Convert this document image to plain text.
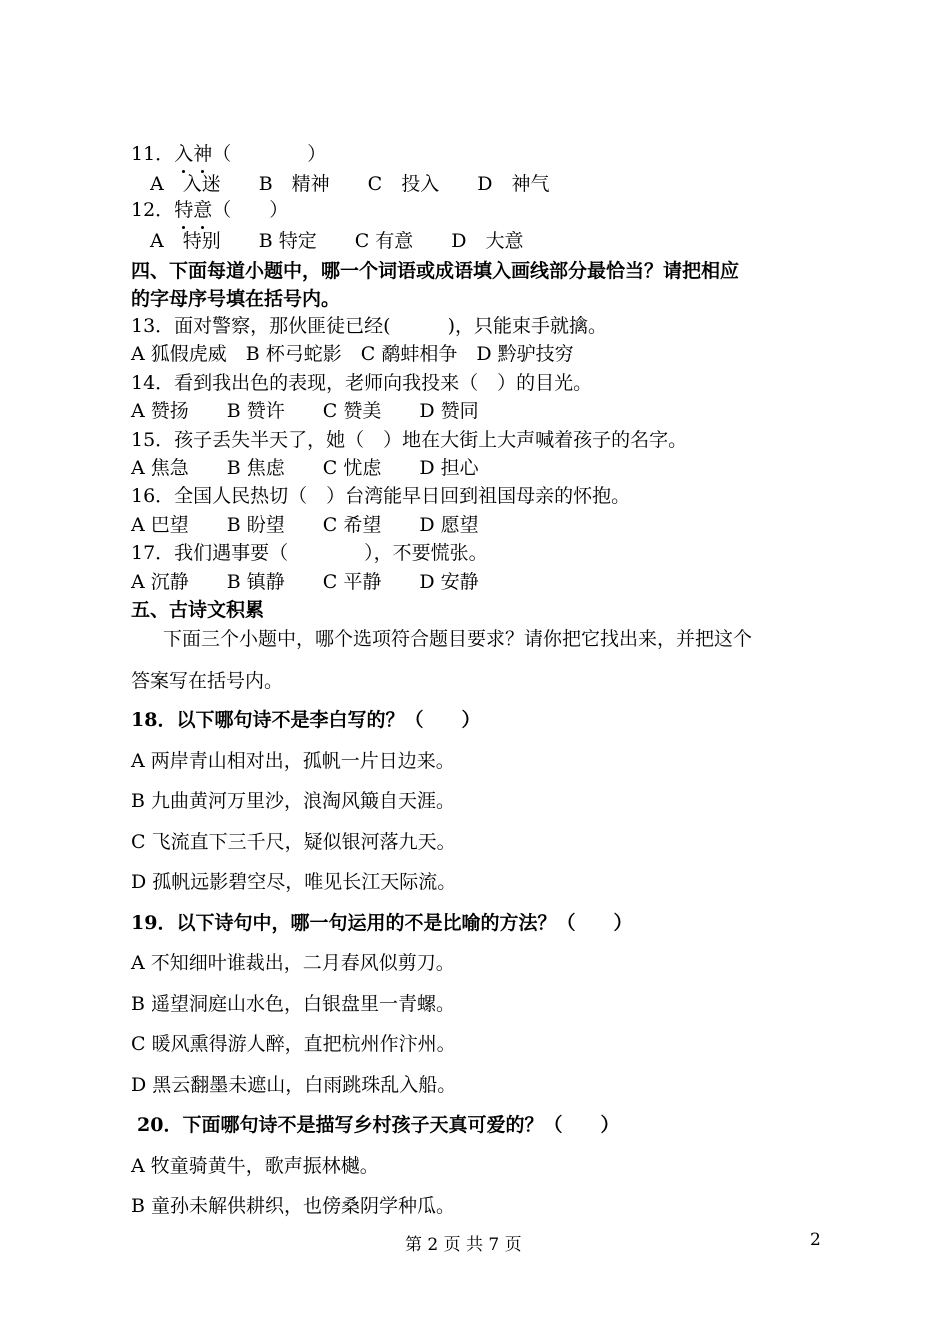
11．入神（　　　　）
A　入迷　　B　精神　　C　投入　　D　神气
12．特意（　　）
A　特别　　B 特定　　C 有意　　D　大意
四、下面每道小题中，哪一个词语或成语填入画线部分最恰当？请把相应
的字母序号填在括号内。
13．面对警察，那伙匪徒已经(　　　)，只能束手就擒。
A 狐假虎威　B 杯弓蛇影　C 鹬蚌相争　D 黔驴技穷
14．看到我出色的表现，老师向我投来（　）的目光。
A 赞扬　　B 赞许　　C 赞美　　D 赞同
15．孩子丢失半天了，她（　）地在大街上大声喊着孩子的名字。
A 焦急　　B 焦虑　　C 忧虑　　D 担心
16．全国人民热切（　）台湾能早日回到祖国母亲的怀抱。
A 巴望　　B 盼望　　C 希望　　D 愿望
17．我们遇事要（　　　　），不要慌张。
A 沉静　　B 镇静　　C 平静　　D 安静
五、古诗文积累
下面三个小题中，哪个选项符合题目要求？请你把它找出来，并把这个
答案写在括号内。
18．以下哪句诗不是李白写的？（　　）
A 两岸青山相对出，孤帆一片日边来。
B 九曲黄河万里沙，浪淘风簸自天涯。
C 飞流直下三千尺，疑似银河落九天。
D 孤帆远影碧空尽，唯见长江天际流。
19．以下诗句中，哪一句运用的不是比喻的方法？（　　）
A 不知细叶谁裁出，二月春风似剪刀。
B 遥望洞庭山水色，白银盘里一青螺。
C 暖风熏得游人醉，直把杭州作汴州。
D 黑云翻墨未遮山，白雨跳珠乱入船。
20．下面哪句诗不是描写乡村孩子天真可爱的？（　　）
A 牧童骑黄牛，歌声振林樾。
B 童孙未解供耕织，也傍桑阴学种瓜。
第 2 页 共 7 页	2
